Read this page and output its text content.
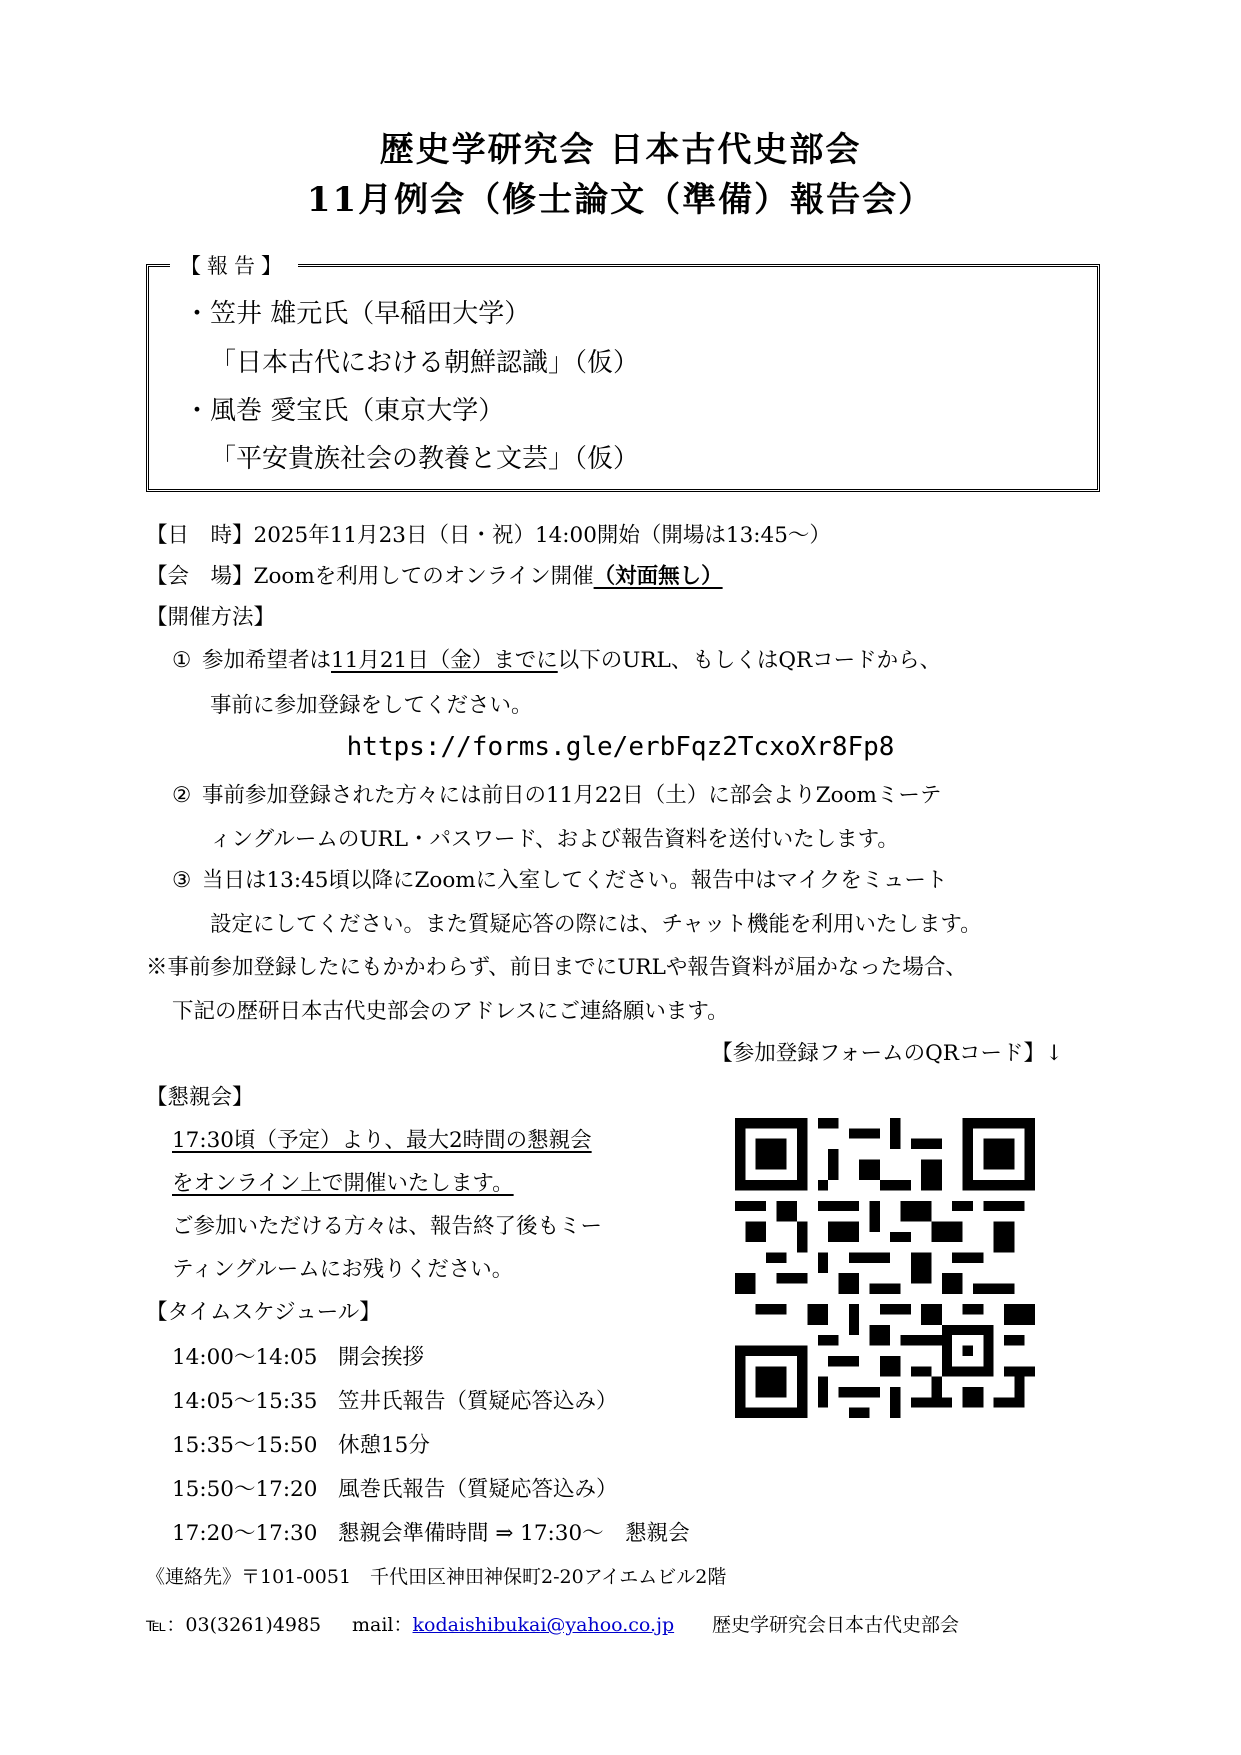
歴史学研究会 日本古代史部会
11月例会（修士論文（準備）報告会）
【報告】
・笠井 雄元氏（早稲田大学）
「日本古代における朝鮮認識」（仮）
・風巻 愛宝氏（東京大学）
「平安貴族社会の教養と文芸」（仮）
【日　時】2025年11月23日（日・祝）14:00開始（開場は13:45～）
【会　場】Zoomを利用してのオンライン開催（対面無し）
【開催方法】
① 参加希望者は11月21日（金）までに以下のURL、もしくはQRコードから、
事前に参加登録をしてください。
https://forms.gle/erbFqz2TcxoXr8Fp8
② 事前参加登録された方々には前日の11月22日（土）に部会よりZoomミーテ
ィングルームのURL・パスワード、および報告資料を送付いたします。
③ 当日は13:45頃以降にZoomに入室してください。報告中はマイクをミュート
設定にしてください。また質疑応答の際には、チャット機能を利用いたします。
※事前参加登録したにもかかわらず、前日までにURLや報告資料が届かなった場合、
下記の歴研日本古代史部会のアドレスにご連絡願います。
【参加登録フォームのQRコード】↓
【懇親会】
17:30頃（予定）より、最大2時間の懇親会
をオンライン上で開催いたします。
ご参加いただける方々は、報告終了後もミー
ティングルームにお残りください。
【タイムスケジュール】
14:00～14:05 開会挨拶
14:05～15:35 笠井氏報告（質疑応答込み）
15:35～15:50 休憩15分
15:50～17:20 風巻氏報告（質疑応答込み）
17:20～17:30 懇親会準備時間 ⇒ 17:30～　懇親会
《連絡先》〒101-0051　千代田区神田神保町2-20アイエムビル2階
℡：03(3261)4985 mail：kodaishibukai@yahoo.co.jp 歴史学研究会日本古代史部会
